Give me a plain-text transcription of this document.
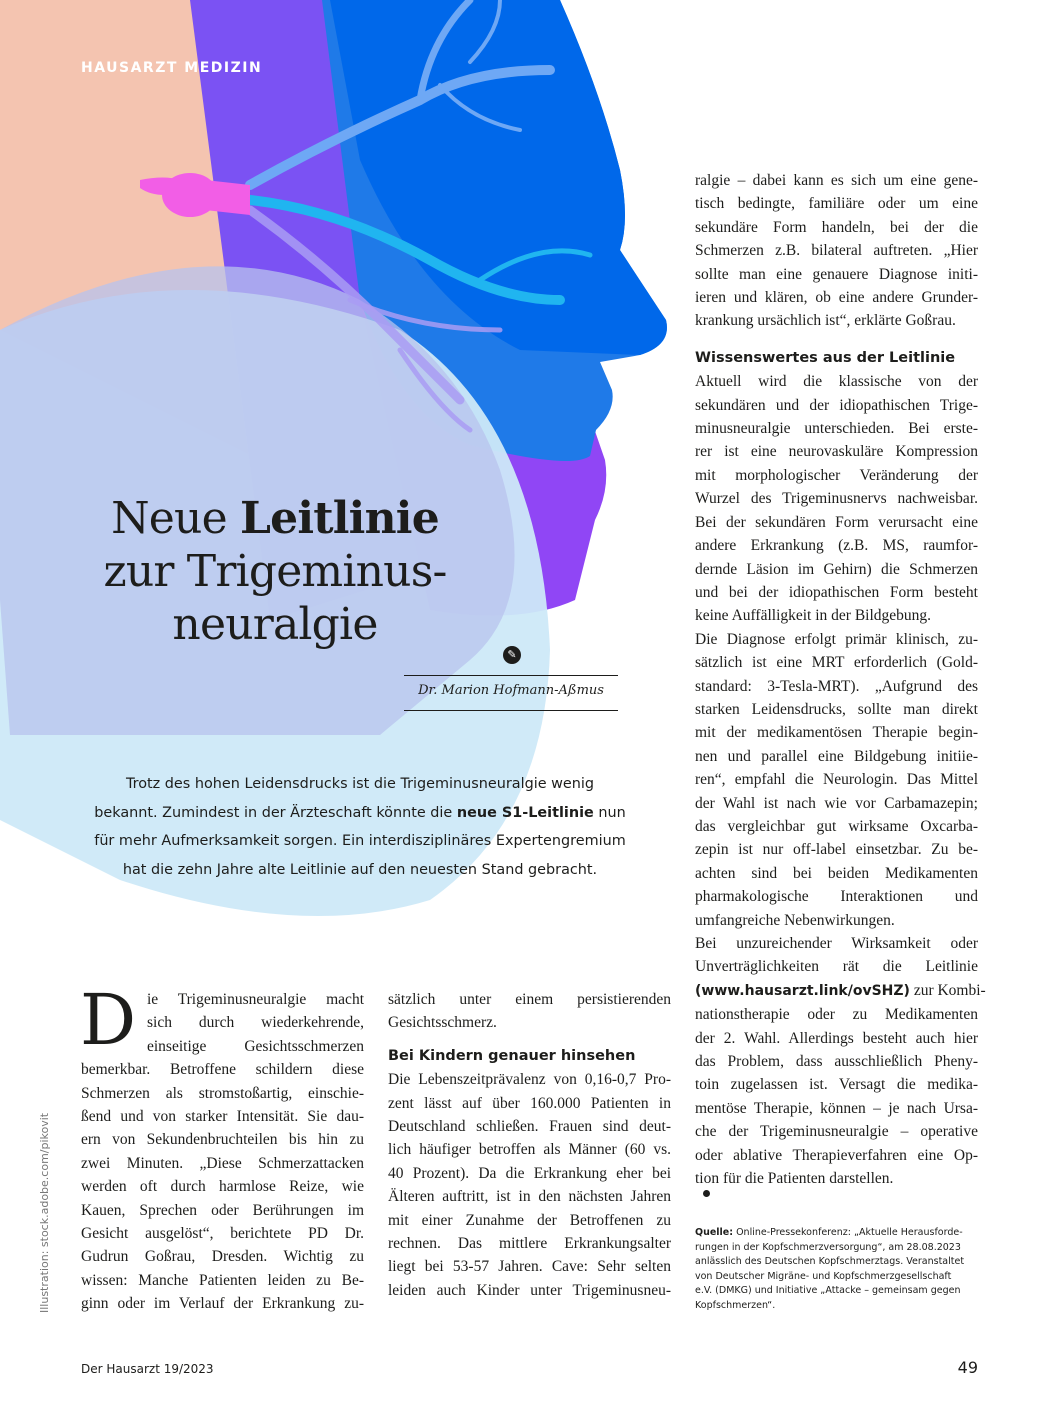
HAUSARZT MEDIZIN

Neue Leitlinie
zur Trigeminus-
neuralgie
✎

Dr. Marion Hofmann-Aßmus

Trotz des hohen Leidensdrucks ist die Trigeminusneuralgie wenig
bekannt. Zumindest in der Ärzteschaft könnte die neue S1-Leitlinie nun
für mehr Aufmerksamkeit sorgen. Ein interdisziplinäres Expertengremium
hat die zehn Jahre alte Leitlinie auf den neuesten Stand gebracht.

D ie Trigeminusneuralgie macht
sich durch wiederkehrende,
einseitige Gesichtsschmerzen
bemerkbar. Betroffene schildern diese
Schmerzen als stromstoßartig, einschie-
ßend und von starker Intensität. Sie dau-
ern von Sekundenbruchteilen bis hin zu
zwei Minuten. „Diese Schmerzattacken
werden oft durch harmlose Reize, wie
Kauen, Sprechen oder Berührungen im
Gesicht ausgelöst“, berichtete PD Dr.
Gudrun Goßrau, Dresden. Wichtig zu
wissen: Manche Patienten leiden zu Be-
ginn oder im Verlauf der Erkrankung zu-
sätzlich unter einem persistierenden
Gesichtsschmerz.
Bei Kindern genauer hinsehen
Die Lebenszeitprävalenz von 0,16-0,7 Pro-
zent lässt auf über 160.000 Patienten in
Deutschland schließen. Frauen sind deut-
lich häufiger betroffen als Männer (60 vs.
40 Prozent). Da die Erkrankung eher bei
Älteren auftritt, ist in den nächsten Jahren
mit einer Zunahme der Betroffenen zu
rechnen. Das mittlere Erkrankungsalter
liegt bei 53-57 Jahren. Cave: Sehr selten
leiden auch Kinder unter Trigeminusneu-
ralgie – dabei kann es sich um eine gene-
tisch bedingte, familiäre oder um eine
sekundäre Form handeln, bei der die
Schmerzen z.B. bilateral auftreten. „Hier
sollte man eine genauere Diagnose initi-
ieren und klären, ob eine andere Grunder-
krankung ursächlich ist“, erklärte Goßrau.
Wissenswertes aus der Leitlinie
Aktuell wird die klassische von der
sekundären und der idiopathischen Trige-
minusneuralgie unterschieden. Bei erste-
rer ist eine neurovaskuläre Kompression
mit morphologischer Veränderung der
Wurzel des Trigeminusnervs nachweisbar.
Bei der sekundären Form verursacht eine
andere Erkrankung (z.B. MS, raumfor-
dernde Läsion im Gehirn) die Schmerzen
und bei der idiopathischen Form besteht
keine Auffälligkeit in der Bildgebung.
Die Diagnose erfolgt primär klinisch, zu-
sätzlich ist eine MRT erforderlich (Gold-
standard: 3-Tesla-MRT). „Aufgrund des
starken Leidensdrucks, sollte man direkt
mit der medikamentösen Therapie begin-
nen und parallel eine Bildgebung initiie-
ren“, empfahl die Neurologin. Das Mittel
der Wahl ist nach wie vor Carbamazepin;
das vergleichbar gut wirksame Oxcarba-
zepin ist nur off-label einsetzbar. Zu be-
achten sind bei beiden Medikamenten
pharmakologische Interaktionen und
umfangreiche Nebenwirkungen.
Bei unzureichender Wirksamkeit oder
Unverträglichkeiten rät die Leitlinie
(www.hausarzt.link/ovSHZ) zur Kombi-
nationstherapie oder zu Medikamenten
der 2. Wahl. Allerdings besteht auch hier
das Problem, dass ausschließlich Pheny-
toin zugelassen ist. Versagt die medika-
mentöse Therapie, können – je nach Ursa-
che der Trigeminusneuralgie – operative
oder ablative Therapieverfahren eine Op-
tion für die Patienten darstellen.

Quelle: Online-Pressekonferenz: „Aktuelle Herausforde-
rungen in der Kopfschmerzversorgung“, am 28.08.2023
anlässlich des Deutschen Kopfschmerztags. Veranstaltet
von Deutscher Migräne- und Kopfschmerzgesellschaft
e.V. (DMKG) und Initiative „Attacke – gemeinsam gegen
Kopfschmerzen“.

Illustration: stock.adobe.com/pikovit

Der Hausarzt 19/2023	49
